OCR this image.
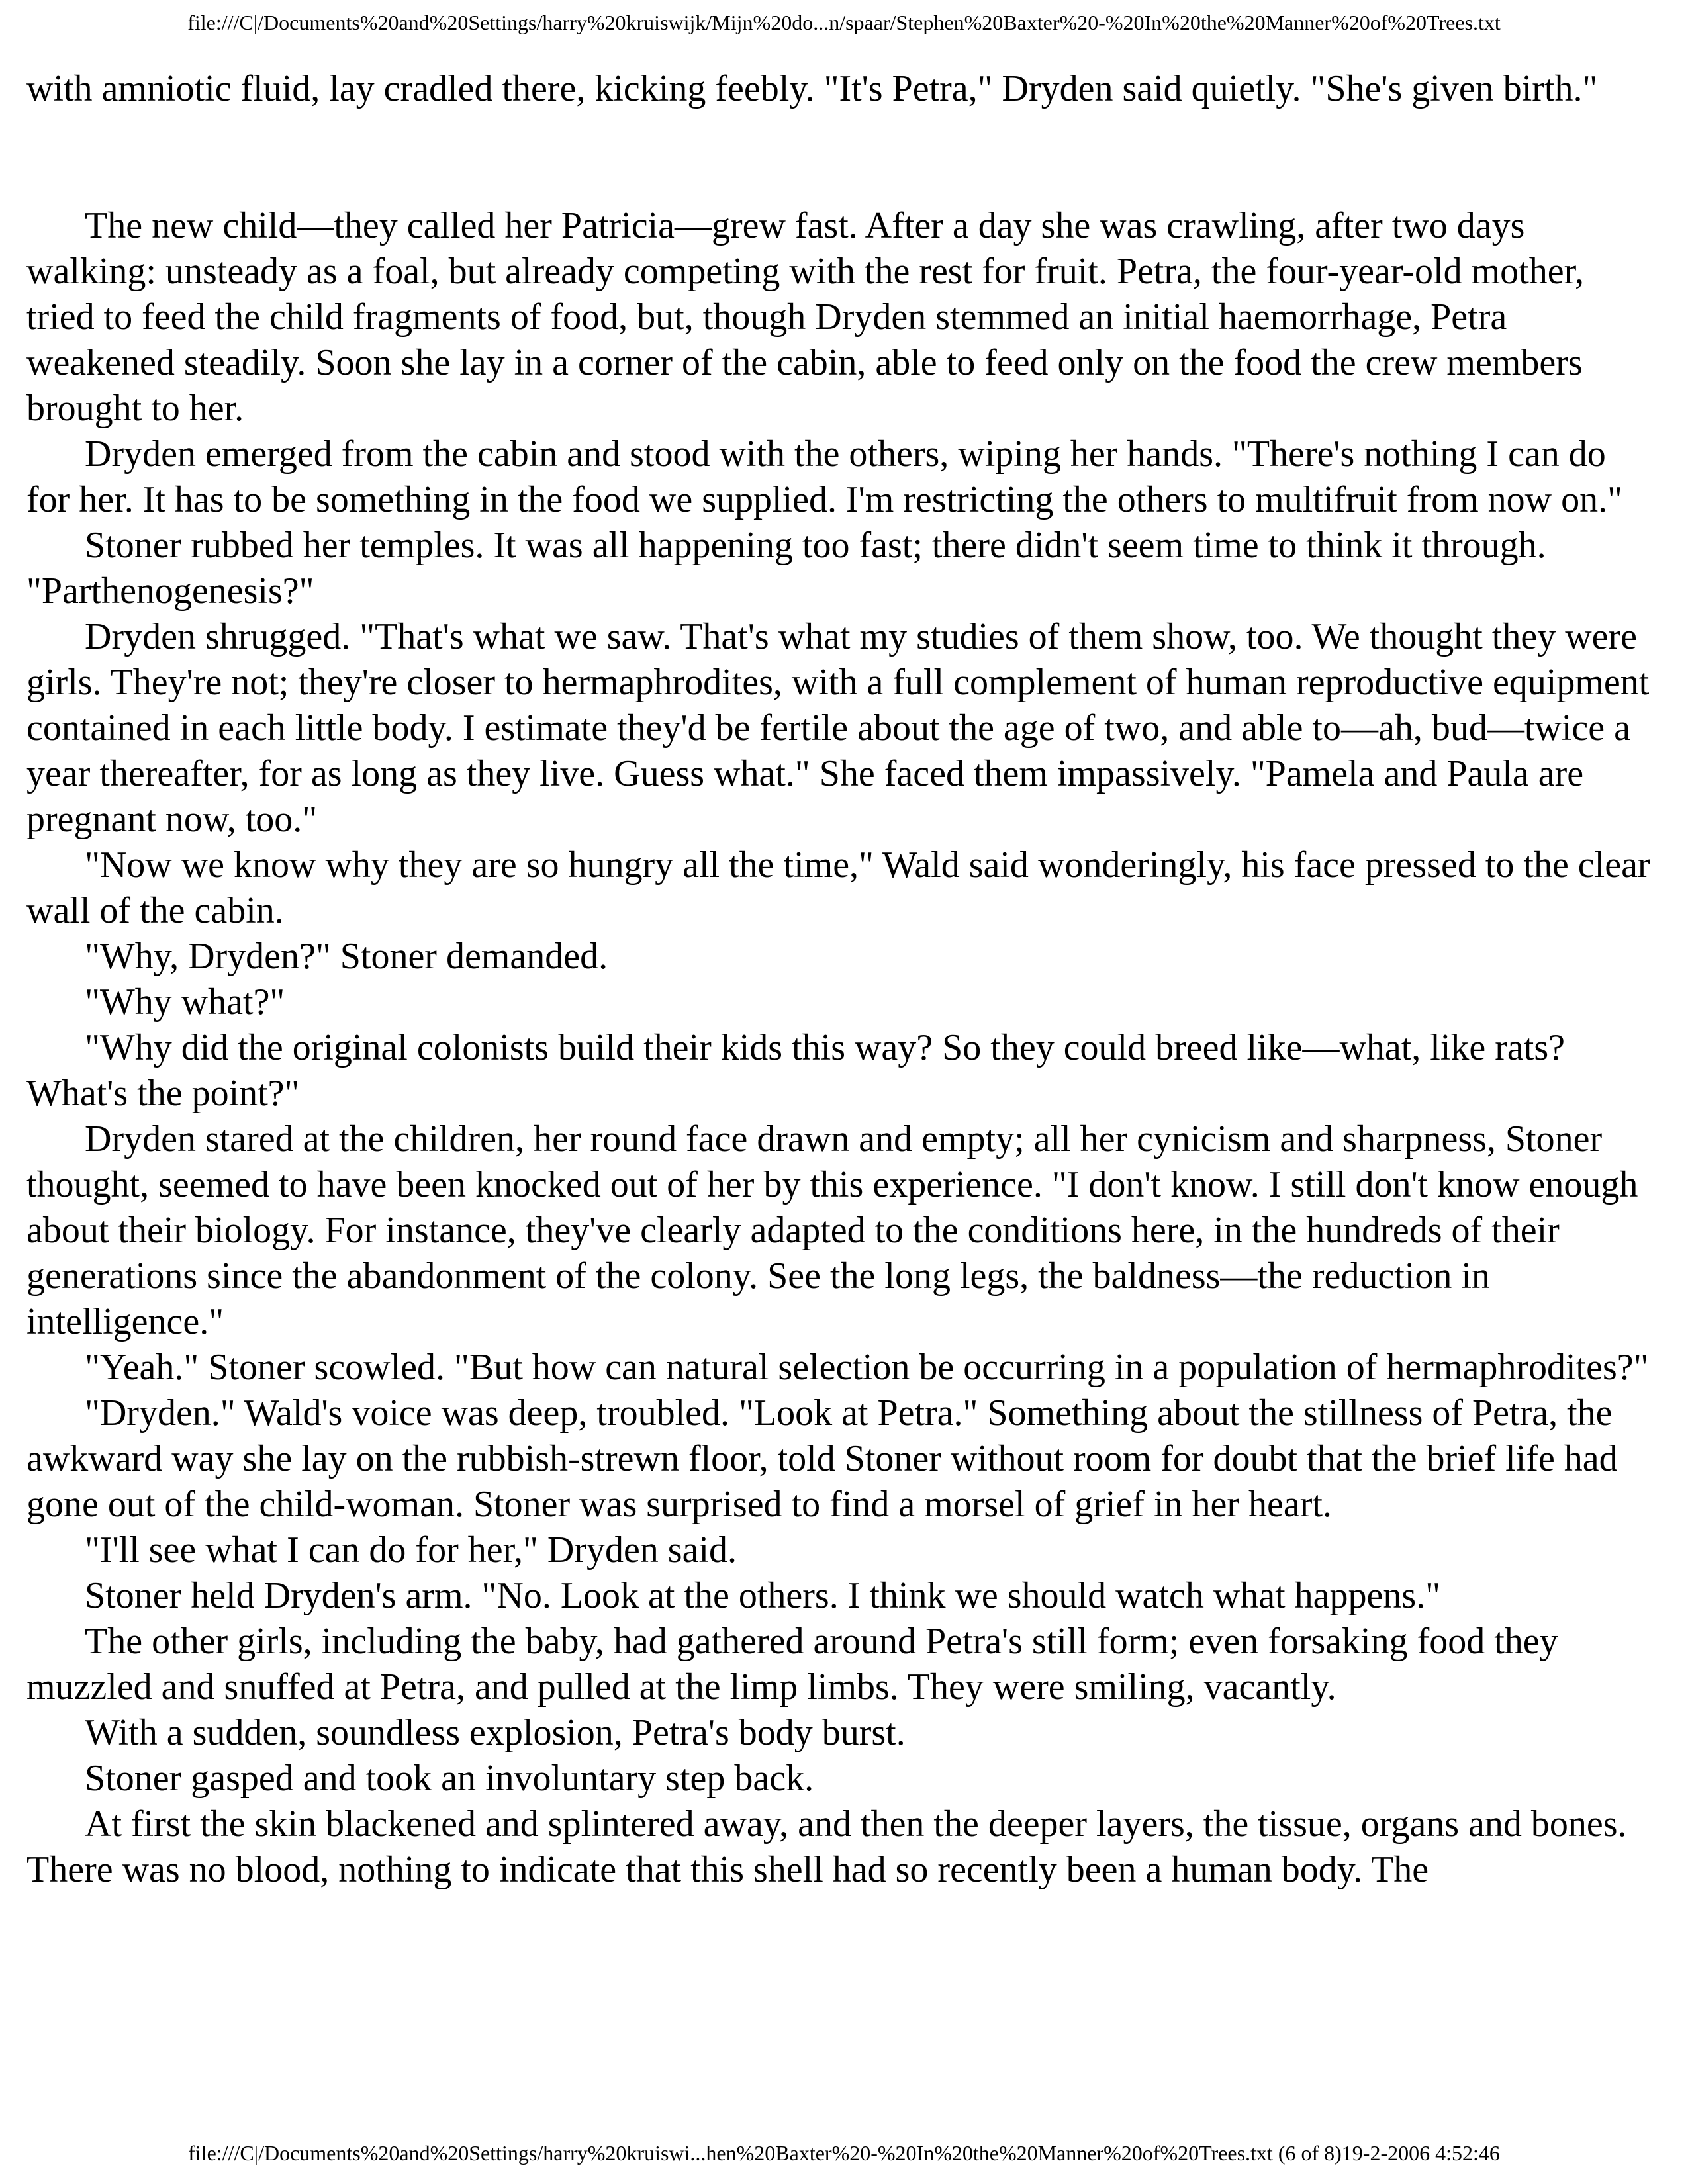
file:///C|/Documents%20and%20Settings/harry%20kruiswijk/Mijn%20do...n/spaar/Stephen%20Baxter%20-%20In%20the%20Manner%20of%20Trees.txt

with amniotic fluid, lay cradled there, kicking feebly. "It's Petra," Dryden said quietly. "She's given birth."

The new child—they called her Patricia—grew fast. After a day she was crawling, after two days walking: unsteady as a foal, but already competing with the rest for fruit. Petra, the four-year-old mother, tried to feed the child fragments of food, but, though Dryden stemmed an initial haemorrhage, Petra weakened steadily. Soon she lay in a corner of the cabin, able to feed only on the food the crew members brought to her.

Dryden emerged from the cabin and stood with the others, wiping her hands. "There's nothing I can do for her. It has to be something in the food we supplied. I'm restricting the others to multifruit from now on."

Stoner rubbed her temples. It was all happening too fast; there didn't seem time to think it through. "Parthenogenesis?"

Dryden shrugged. "That's what we saw. That's what my studies of them show, too. We thought they were girls. They're not; they're closer to hermaphrodites, with a full complement of human reproductive equipment contained in each little body. I estimate they'd be fertile about the age of two, and able to—ah, bud—twice a year thereafter, for as long as they live. Guess what." She faced them impassively. "Pamela and Paula are pregnant now, too."

"Now we know why they are so hungry all the time," Wald said wonderingly, his face pressed to the clear wall of the cabin.

"Why, Dryden?" Stoner demanded.

"Why what?"

"Why did the original colonists build their kids this way? So they could breed like—what, like rats? What's the point?"

Dryden stared at the children, her round face drawn and empty; all her cynicism and sharpness, Stoner thought, seemed to have been knocked out of her by this experience. "I don't know. I still don't know enough about their biology. For instance, they've clearly adapted to the conditions here, in the hundreds of their generations since the abandonment of the colony. See the long legs, the baldness—the reduction in intelligence."

"Yeah." Stoner scowled. "But how can natural selection be occurring in a population of hermaphrodites?"

"Dryden." Wald's voice was deep, troubled. "Look at Petra." Something about the stillness of Petra, the awkward way she lay on the rubbish-strewn floor, told Stoner without room for doubt that the brief life had gone out of the child-woman. Stoner was surprised to find a morsel of grief in her heart.

"I'll see what I can do for her," Dryden said.

Stoner held Dryden's arm. "No. Look at the others. I think we should watch what happens."

The other girls, including the baby, had gathered around Petra's still form; even forsaking food they muzzled and snuffed at Petra, and pulled at the limp limbs. They were smiling, vacantly.

With a sudden, soundless explosion, Petra's body burst.

Stoner gasped and took an involuntary step back.

At first the skin blackened and splintered away, and then the deeper layers, the tissue, organs and bones. There was no blood, nothing to indicate that this shell had so recently been a human body. The

file:///C|/Documents%20and%20Settings/harry%20kruiswi...hen%20Baxter%20-%20In%20the%20Manner%20of%20Trees.txt (6 of 8)19-2-2006 4:52:46
